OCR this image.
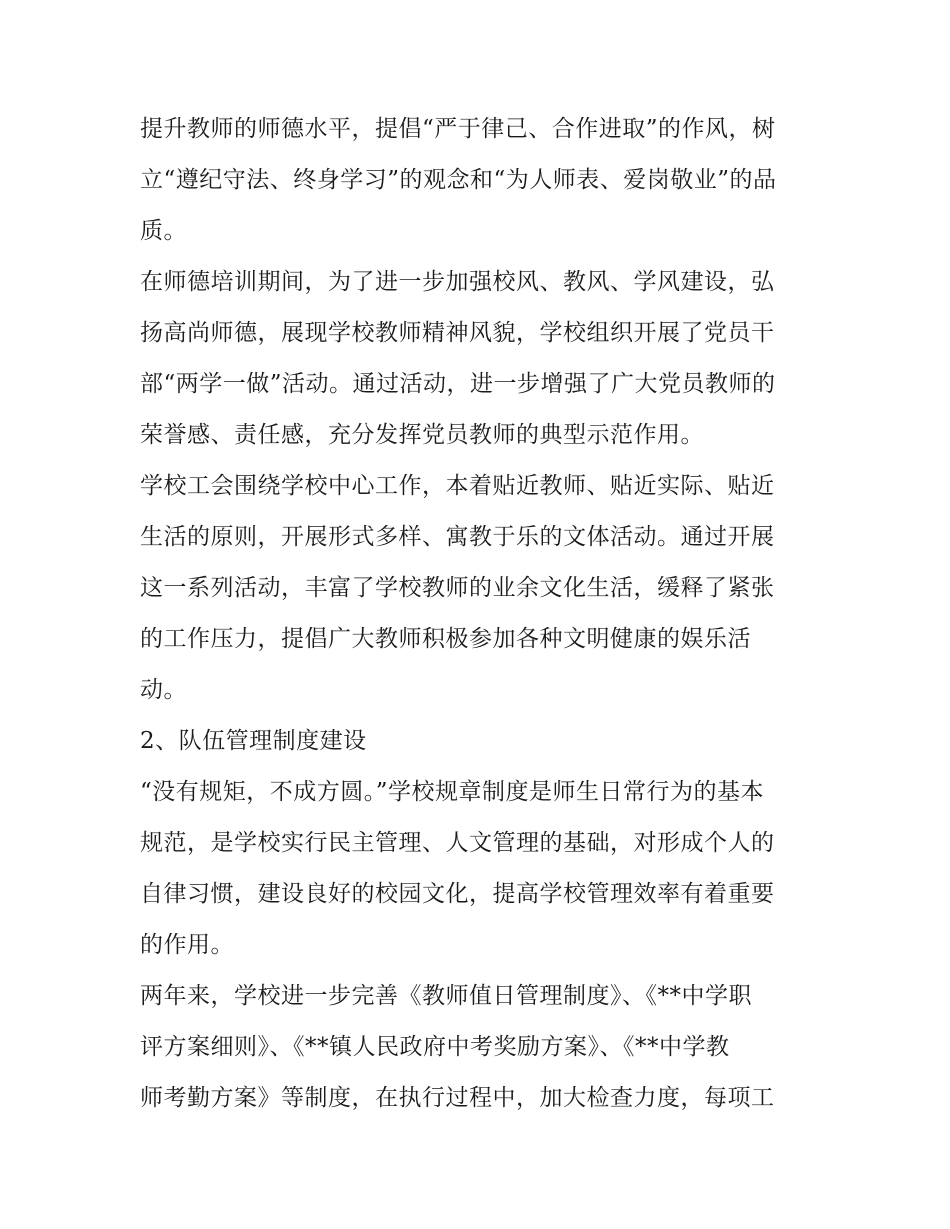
提升教师的师德水平，提倡“严于律己、合作进取”的作风，树
立“遵纪守法、终身学习”的观念和“为人师表、爱岗敬业”的品
质。
在师德培训期间，为了进一步加强校风、教风、学风建设，弘
扬高尚师德，展现学校教师精神风貌，学校组织开展了党员干
部“两学一做”活动。通过活动，进一步增强了广大党员教师的
荣誉感、责任感，充分发挥党员教师的典型示范作用。
学校工会围绕学校中心工作，本着贴近教师、贴近实际、贴近
生活的原则，开展形式多样、寓教于乐的文体活动。通过开展
这一系列活动，丰富了学校教师的业余文化生活，缓释了紧张
的工作压力，提倡广大教师积极参加各种文明健康的娱乐活
动。
2、队伍管理制度建设
“没有规矩，不成方圆。”学校规章制度是师生日常行为的基本
规范，是学校实行民主管理、人文管理的基础，对形成个人的
自律习惯，建设良好的校园文化，提高学校管理效率有着重要
的作用。
两年来，学校进一步完善《教师值日管理制度》、《**中学职
评方案细则》、《**镇人民政府中考奖励方案》、《**中学教
师考勤方案》等制度，在执行过程中，加大检查力度，每项工
